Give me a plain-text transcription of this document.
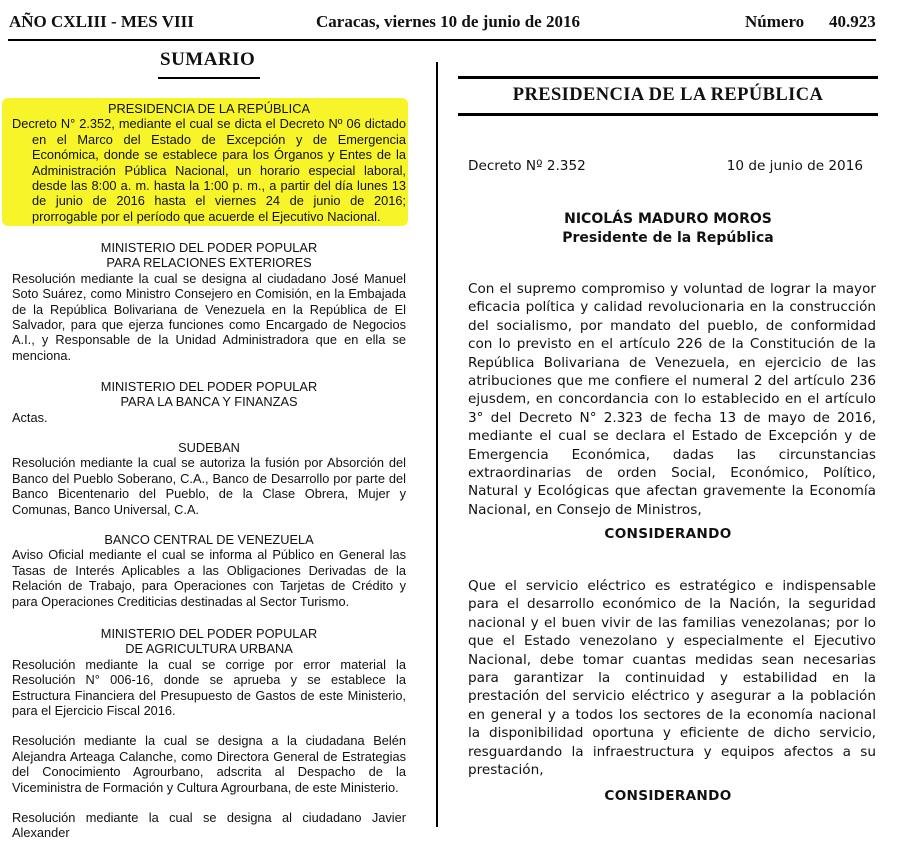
AÑO CXLIII - MES VIII	Caracas, viernes 10 de junio de 2016	Número 40.923
SUMARIO

PRESIDENCIA DE LA REPÚBLICA

Decreto N° 2.352, mediante el cual se dicta el Decreto Nº 06 dictado en el Marco del Estado de Excepción y de Emergencia Económica, donde se establece para los Órganos y Entes de la Administración Pública Nacional, un horario especial laboral, desde las 8:00 a. m. hasta la 1:00 p. m., a partir del día lunes 13 de junio de 2016 hasta el viernes 24 de junio de 2016; prorrogable por el período que acuerde el Ejecutivo Nacional.

MINISTERIO DEL PODER POPULAR

PARA RELACIONES EXTERIORES

Resolución mediante la cual se designa al ciudadano José Manuel Soto Suárez, como Ministro Consejero en Comisión, en la Embajada de la República Bolivariana de Venezuela en la República de El Salvador, para que ejerza funciones como Encargado de Negocios A.I., y Responsable de la Unidad Administradora que en ella se menciona.

MINISTERIO DEL PODER POPULAR

PARA LA BANCA Y FINANZAS

Actas.

SUDEBAN

Resolución mediante la cual se autoriza la fusión por Absorción del Banco del Pueblo Soberano, C.A., Banco de Desarrollo por parte del Banco Bicentenario del Pueblo, de la Clase Obrera, Mujer y Comunas, Banco Universal, C.A.

BANCO CENTRAL DE VENEZUELA

Aviso Oficial mediante el cual se informa al Público en General las Tasas de Interés Aplicables a las Obligaciones Derivadas de la Relación de Trabajo, para Operaciones con Tarjetas de Crédito y para Operaciones Crediticias destinadas al Sector Turismo.

MINISTERIO DEL PODER POPULAR

DE AGRICULTURA URBANA

Resolución mediante la cual se corrige por error material la Resolución N° 006-16, donde se aprueba y se establece la Estructura Financiera del Presupuesto de Gastos de este Ministerio, para el Ejercicio Fiscal 2016.

Resolución mediante la cual se designa a la ciudadana Belén Alejandra Arteaga Calanche, como Directora General de Estrategias del Conocimiento Agrourbano, adscrita al Despacho de la Viceministra de Formación y Cultura Agrourbana, de este Ministerio.

Resolución mediante la cual se designa al ciudadano Javier Alexander

PRESIDENCIA DE LA REPÚBLICA
Decreto Nº 2.352	10 de junio de 2016
NICOLÁS MADURO MOROS
Presidente de la República
Con el supremo compromiso y voluntad de lograr la mayor eficacia política y calidad revolucionaria en la construcción del socialismo, por mandato del pueblo, de conformidad con lo previsto en el artículo 226 de la Constitución de la República Bolivariana de Venezuela, en ejercicio de las atribuciones que me confiere el numeral 2 del artículo 236 ejusdem, en concordancia con lo establecido en el artículo 3° del Decreto N° 2.323 de fecha 13 de mayo de 2016, mediante el cual se declara el Estado de Excepción y de Emergencia Económica, dadas las circunstancias extraordinarias de orden Social, Económico, Político, Natural y Ecológicas que afectan gravemente la Economía Nacional, en Consejo de Ministros,
CONSIDERANDO
Que el servicio eléctrico es estratégico e indispensable para el desarrollo económico de la Nación, la seguridad nacional y el buen vivir de las familias venezolanas; por lo que el Estado venezolano y especialmente el Ejecutivo Nacional, debe tomar cuantas medidas sean necesarias para garantizar la continuidad y estabilidad en la prestación del servicio eléctrico y asegurar a la población en general y a todos los sectores de la economía nacional la disponibilidad oportuna y eficiente de dicho servicio, resguardando la infraestructura y equipos afectos a su prestación,
CONSIDERANDO
